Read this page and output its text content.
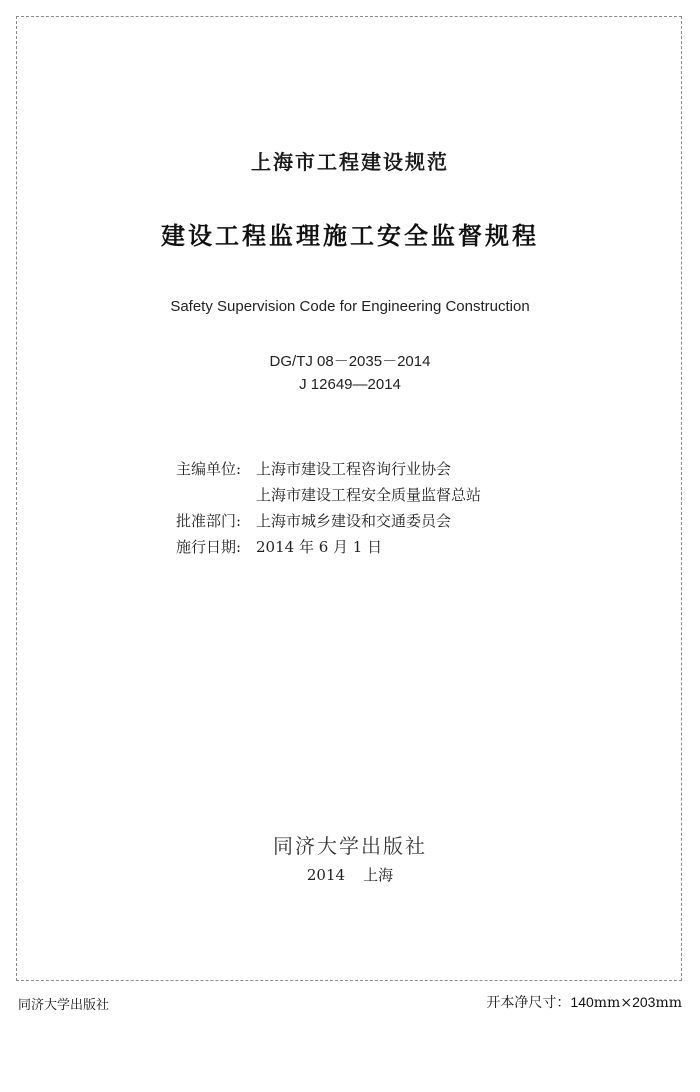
上海市工程建设规范
建设工程监理施工安全监督规程
Safety Supervision Code for Engineering Construction
DG/TJ 08－2035－2014
J 12649—2014
主编单位: 上海市建设工程咨询行业协会
上海市建设工程安全质量监督总站
批准部门: 上海市城乡建设和交通委员会
施行日期: 2014 年 6 月 1 日
同济大学出版社
2014 上海
同济大学出版社	开本净尺寸：140mm×203mm
